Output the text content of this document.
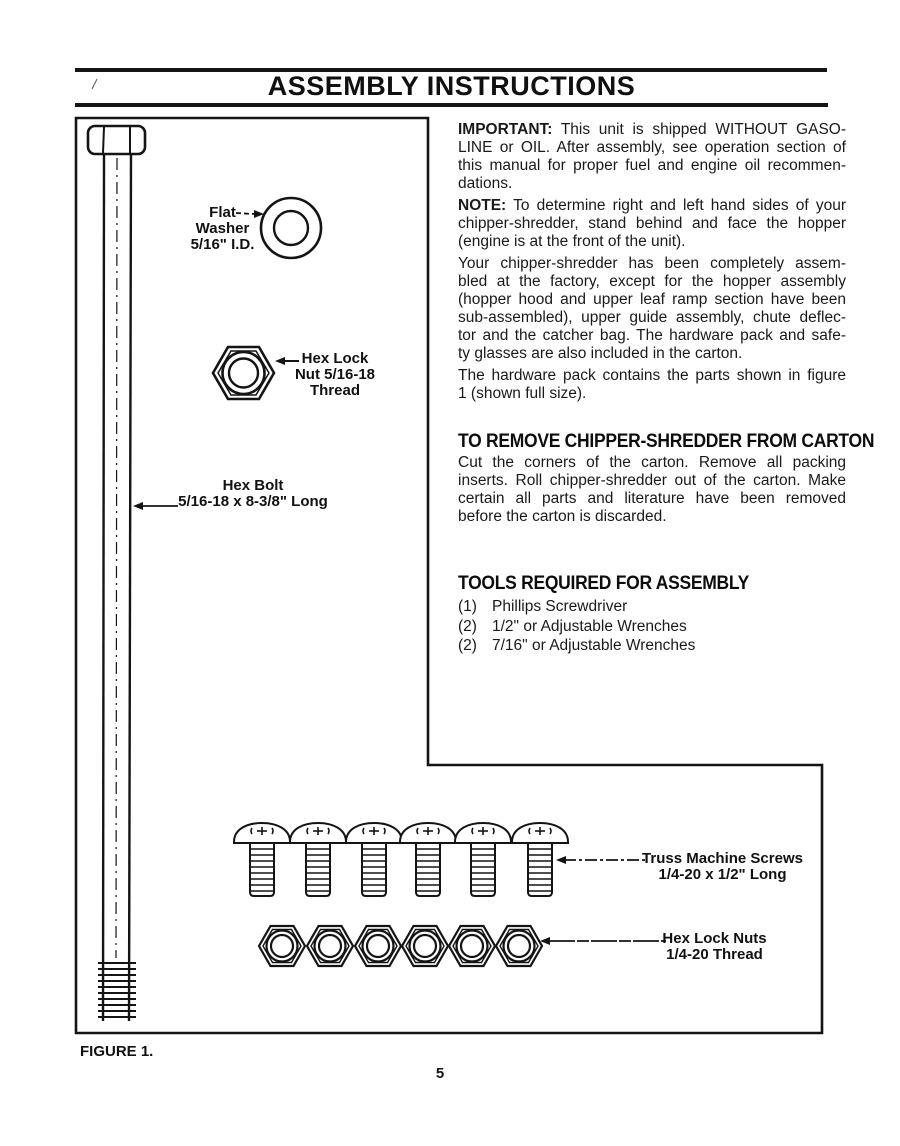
ASSEMBLY INSTRUCTIONS
Flat
Washer
5/16" I.D.
Hex Lock
Nut 5/16-18
Thread
Hex Bolt
5/16-18 x 8-3/8" Long
Truss Machine Screws
1/4-20 x 1/2" Long
Hex Lock Nuts
1/4-20 Thread
IMPORTANT: This unit is shipped WITHOUT GASO-
LINE or OIL. After assembly, see operation section of
this manual for proper fuel and engine oil recommen-
dations.
NOTE: To determine right and left hand sides of your
chipper-shredder, stand behind and face the hopper
(engine is at the front of the unit).
Your chipper-shredder has been completely assem-
bled at the factory, except for the hopper assembly
(hopper hood and upper leaf ramp section have been
sub-assembled), upper guide assembly, chute deflec-
tor and the catcher bag. The hardware pack and safe-
ty glasses are also included in the carton.
The hardware pack contains the parts shown in figure
1 (shown full size).
TO REMOVE CHIPPER-SHREDDER FROM CARTON
Cut the corners of the carton. Remove all packing
inserts. Roll chipper-shredder out of the carton. Make
certain all parts and literature have been removed
before the carton is discarded.
TOOLS REQUIRED FOR ASSEMBLY
(1) Phillips Screwdriver
(2) 1/2" or Adjustable Wrenches
(2) 7/16" or Adjustable Wrenches
FIGURE 1.
5
